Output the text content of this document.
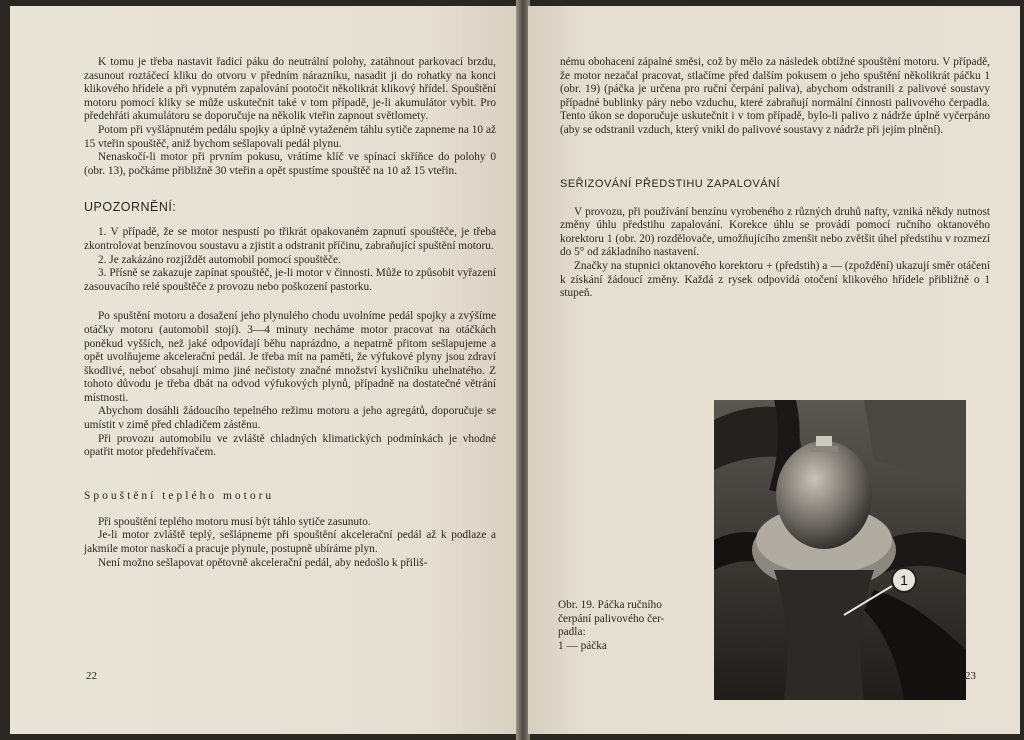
K tomu je třeba nastavit řadicí páku do neutrální polohy, zatáhnout parkovací brzdu, zasunout roztáčecí kliku do otvoru v předním nárazníku, nasadit ji do rohatky na konci klikového hřídele a při vypnutém zapalování pootočit několikrát klikový hřídel. Spouštění motoru pomocí kliky se může uskutečnit také v tom případě, je-li akumulátor vybit. Pro předehřáti akumulátoru se doporučuje na několik vteřin zapnout světlomety.

Potom při vyšlápnutém pedálu spojky a úplně vytaženém táhlu sytiče zapneme na 10 až 15 vteřin spouštěč, aniž bychom sešlapovali pedál plynu.

Nenaskočí-li motor při prvním pokusu, vrátíme klíč ve spínací skříňce do polohy 0 (obr. 13), počkáme přibližně 30 vteřin a opět spustíme spouštěč na 10 až 15 vteřin.

UPOZORNĚNÍ:

1. V případě, že se motor nespustí po třikrát opakovaném zapnutí spouštěče, je třeba zkontrolovat benzínovou soustavu a zjistit a odstranit příčinu, zabraňující spuštění motoru.

2. Je zakázáno rozjíždět automobil pomocí spouštěče.

3. Přísně se zakazuje zapínat spouštěč, je-li motor v činnosti. Může to způsobit vyřazení zasouvacího relé spouštěče z provozu nebo poškození pastorku.

Po spuštění motoru a dosažení jeho plynulého chodu uvolníme pedál spojky a zvýšíme otáčky motoru (automobil stojí). 3—4 minuty necháme motor pracovat na otáčkách poněkud vyšších, než jaké odpovídají běhu naprázdno, a nepatrně přitom sešlapujeme a opět uvolňujeme akcelerační pedál. Je třeba mít na paměti, že výfukové plyny jsou zdraví škodlivé, neboť obsahují mimo jiné nečistoty značné množství kysličníku uhelnatého. Z tohoto důvodu je třeba dbát na odvod výfukových plynů, případně na dostatečné větrání místnosti.

Abychom dosáhli žádoucího tepelného režimu motoru a jeho agregátů, doporučuje se umístit v zimě před chladičem zástěnu.

Při provozu automobilu ve zvláště chladných klimatických podmínkách je vhodné opatřit motor předehřívačem.

Spouštění teplého motoru

Při spouštění teplého motoru musí být táhlo sytiče zasunuto.

Je-li motor zvláště teplý, sešlápneme při spouštění akcelerační pedál až k podlaze a jakmile motor naskočí a pracuje plynule, postupně ubíráme plyn.

Není možno sešlapovat opětovně akcelerační pedál, aby nedošlo k přiliš-

22

nému obohacení zápalné směsi, což by mělo za následek obtížné spouštění motoru. V případě, že motor nezačal pracovat, stlačíme před dalším pokusem o jeho spuštění několikrát páčku 1 (obr. 19) (páčka je určena pro ruční čerpání paliva), abychom odstranili z palivové soustavy případné bublinky páry nebo vzduchu, které zabraňují normální činnosti palivového čerpadla. Tento úkon se doporučuje uskutečnit i v tom případě, bylo-li palivo z nádrže úplně vyčerpáno (aby se odstranil vzduch, který vnikl do palivové soustavy z nádrže při jejím plnění).

SEŘIZOVÁNÍ PŘEDSTIHU ZAPALOVÁNÍ

V provozu, při používání benzínu vyrobeného z různých druhů nafty, vzniká někdy nutnost změny úhlu předstihu zapalování. Korekce úhlu se provádí pomocí ručního oktanového korektoru 1 (obr. 20) rozdělovače, umožňujícího zmenšit nebo zvětšit úhel předstihu v rozmezí do 5° od základního nastavení.

Značky na stupnici oktanového korektoru + (předstih) a — (zpoždění) ukazují směr otáčení k získání žádoucí změny. Každá z rysek odpovídá otočení klikového hřídele přibližně o 1 stupeň.

Obr. 19. Páčka ručního

čerpání palivového čer-

padla:

1 — páčka

1
23
